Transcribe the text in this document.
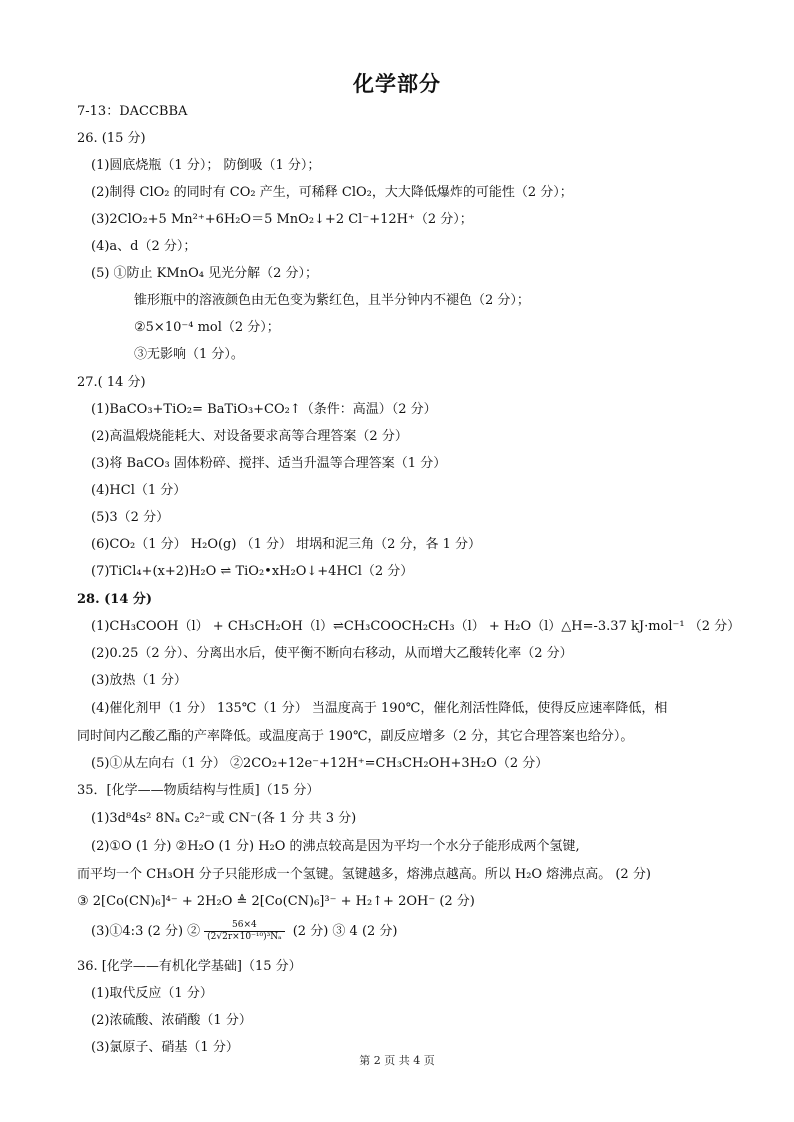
化学部分
7-13：DACCBBA
26. (15 分)
(1)圆底烧瓶（1 分）； 防倒吸（1 分）；
(2)制得 ClO₂ 的同时有 CO₂ 产生，可稀释 ClO₂，大大降低爆炸的可能性（2 分）；
(3)2ClO₂+5 Mn²⁺+6H₂O＝5 MnO₂↓+2 Cl⁻+12H⁺（2 分）；
(4)a、d（2 分）；
(5) ①防止 KMnO₄ 见光分解（2 分）；
锥形瓶中的溶液颜色由无色变为紫红色，且半分钟内不褪色（2 分）；
②5×10⁻⁴ mol（2 分）；
③无影响（1 分）。
27.( 14 分)
(1)BaCO₃+TiO₂= BaTiO₃+CO₂↑（条件：高温）（2 分）
(2)高温煅烧能耗大、对设备要求高等合理答案（2 分）
(3)将 BaCO₃ 固体粉碎、搅拌、适当升温等合理答案（1 分）
(4)HCl（1 分）
(5)3（2 分）
(6)CO₂（1 分） H₂O(g) （1 分） 坩埚和泥三角（2 分，各 1 分）
(7)TiCl₄+(x+2)H₂O ⇌ TiO₂•xH₂O↓+4HCl（2 分）
28. (14 分)
(1)CH₃COOH（l） + CH₃CH₂OH（l）⇌CH₃COOCH₂CH₃（l） + H₂O（l）△H=-3.37 kJ·mol⁻¹ （2 分）
(2)0.25（2 分）、分离出水后，使平衡不断向右移动，从而增大乙酸转化率（2 分）
(3)放热（1 分）
(4)催化剂甲（1 分） 135℃（1 分） 当温度高于 190℃，催化剂活性降低，使得反应速率降低，相
同时间内乙酸乙酯的产率降低。或温度高于 190℃，副反应增多（2 分，其它合理答案也给分）。
(5)①从左向右（1 分） ②2CO₂+12e⁻+12H⁺=CH₃CH₂OH+3H₂O（2 分）
35．[化学——物质结构与性质]（15 分）
(1)3d⁸4s² 8Nₐ C₂²⁻或 CN⁻(各 1 分 共 3 分)
(2)①O (1 分) ②H₂O (1 分) H₂O 的沸点较高是因为平均一个水分子能形成两个氢键,
而平均一个 CH₃OH 分子只能形成一个氢键。氢键越多，熔沸点越高。所以 H₂O 熔沸点高。 (2 分)
③ 2[Co(CN)₆]⁴⁻ + 2H₂O ≜ 2[Co(CN)₆]³⁻ + H₂↑+ 2OH⁻ (2 分)
(3)①4:3 (2 分) ② $\frac{56\times 4}{\text{(2√2r×10⁻¹⁰)³Nₐ}} (2$ 分) ③ 4 (2 分)
36. [化学——有机化学基础]（15 分）
(1)取代反应（1 分）
(2)浓硫酸、浓硝酸（1 分）
(3)氯原子、硝基（1 分）
第 2 页 共 4 页
